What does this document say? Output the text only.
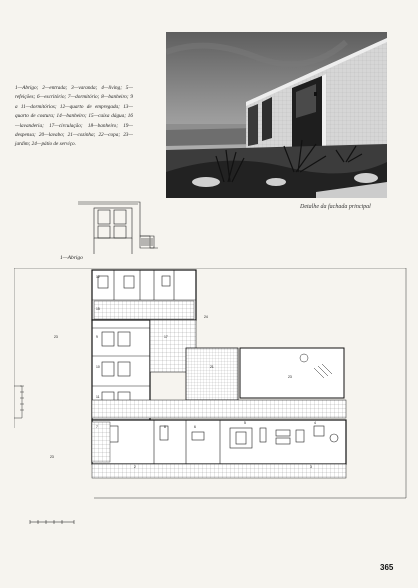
1—Abrigo; 2—entrada; 3—varanda; 4—living; 5—refeições; 6—escritório; 7—dormitório; 8—banheiro; 9 a 11—dormitórios; 12—quarto de empregada; 13—quarto de costura; 14—banheiro; 15—caixa dágua; 16—lavanderia; 17—circulação; 18—banheiro; 19—despensa; 20—lavabo; 21—cozinha; 22—copa; 23—jardim; 24—pátio de serviço.
Detalhe da fachada principal
1—Abrigo
23
23
24
23
12
15
9
10
11
7	8	6
5	4
3
2
21
17
365
